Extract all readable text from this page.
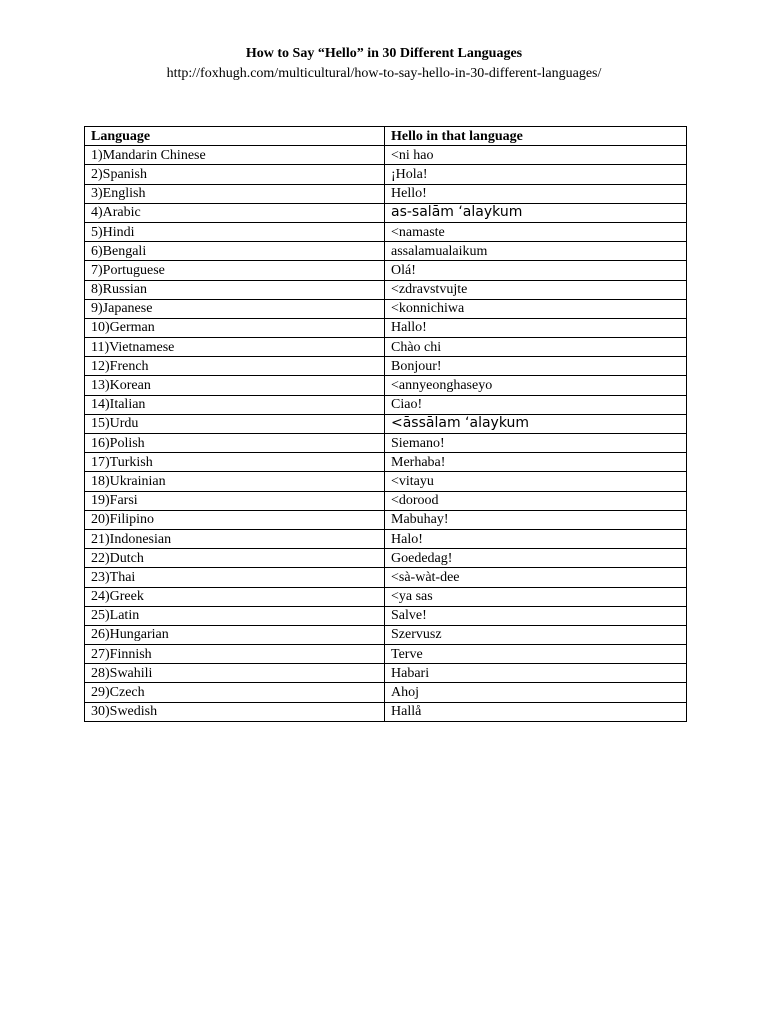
How to Say “Hello” in 30 Different Languages

http://foxhugh.com/multicultural/how-to-say-hello-in-30-different-languages/

Language	Hello in that language
1)Mandarin Chinese	<ni hao
2)Spanish	¡Hola!
3)English	Hello!
4)Arabic	as-salām ‘alaykum
5)Hindi	<namaste
6)Bengali	assalamualaikum
7)Portuguese	Olá!
8)Russian	<zdravstvujte
9)Japanese	<konnichiwa
10)German	Hallo!
11)Vietnamese	Chào chi
12)French	Bonjour!
13)Korean	<annyeonghaseyo
14)Italian	Ciao!
15)Urdu	<āssālam ‘alaykum
16)Polish	Siemano!
17)Turkish	Merhaba!
18)Ukrainian	<vitayu
19)Farsi	<dorood
20)Filipino	Mabuhay!
21)Indonesian	Halo!
22)Dutch	Goededag!
23)Thai	<sà-wàt-dee
24)Greek	<ya sas
25)Latin	Salve!
26)Hungarian	Szervusz
27)Finnish	Terve
28)Swahili	Habari
29)Czech	Ahoj
30)Swedish	Hallå
